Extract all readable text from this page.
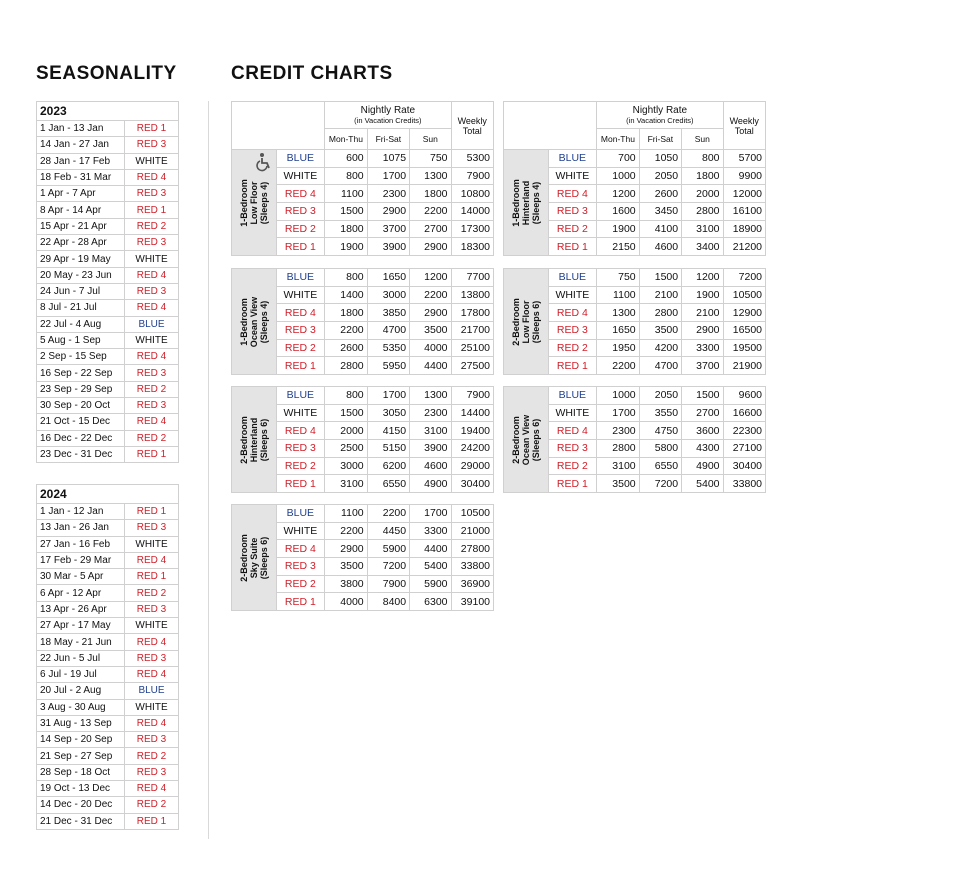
SEASONALITY	CREDIT CHARTS
2023	
1 Jan - 13 Jan	RED 1
14 Jan - 27 Jan	RED 3
28 Jan - 17 Feb	WHITE
18 Feb - 31 Mar	RED 4
1 Apr - 7 Apr	RED 3
8 Apr - 14 Apr	RED 1
15 Apr - 21 Apr	RED 2
22 Apr - 28 Apr	RED 3
29 Apr - 19 May	WHITE
20 May - 23 Jun	RED 4
24 Jun - 7 Jul	RED 3
8 Jul - 21 Jul	RED 4
22 Jul - 4 Aug	BLUE
5 Aug - 1 Sep	WHITE
2 Sep - 15 Sep	RED 4
16 Sep - 22 Sep	RED 3
23 Sep - 29 Sep	RED 2
30 Sep - 20 Oct	RED 3
21 Oct - 15 Dec	RED 4
16 Dec - 22 Dec	RED 2
23 Dec - 31 Dec	RED 1
2024	
1 Jan - 12 Jan	RED 1
13 Jan - 26 Jan	RED 3
27 Jan - 16 Feb	WHITE
17 Feb - 29 Mar	RED 4
30 Mar - 5 Apr	RED 1
6 Apr - 12 Apr	RED 2
13 Apr - 26 Apr	RED 3
27 Apr - 17 May	WHITE
18 May - 21 Jun	RED 4
22 Jun - 5 Jul	RED 3
6 Jul - 19 Jul	RED 4
20 Jul - 2 Aug	BLUE
3 Aug - 30 Aug	WHITE
31 Aug - 13 Sep	RED 4
14 Sep - 20 Sep	RED 3
21 Sep - 27 Sep	RED 2
28 Sep - 18 Oct	RED 3
19 Oct - 13 Dec	RED 4
14 Dec - 20 Dec	RED 2
21 Dec - 31 Dec	RED 1
		Nightly Rate
(in Vacation Credits)			Weekly Total
		Mon-Thu	Fri-Sat	Sun	

1-Bedroom
Low Floor
(Sleeps 4)	BLUE	600	1075	750	5300
	WHITE	800	1700	1300	7900
	RED 4	1100	2300	1800	10800
	RED 3	1500	2900	2200	14000
	RED 2	1800	3700	2700	17300
	RED 1	1900	3900	2900	18300
		Nightly Rate
(in Vacation Credits)			Weekly Total
		Mon-Thu	Fri-Sat	Sun	

1-Bedroom
Hinterland
(Sleeps 4)	BLUE	700	1050	800	5700
	WHITE	1000	2050	1800	9900
	RED 4	1200	2600	2000	12000
	RED 3	1600	3450	2800	16100
	RED 2	1900	4100	3100	18900
	RED 1	2150	4600	3400	21200
1-Bedroom
Ocean View
(Sleeps 4)	BLUE	800	1650	1200	7700
	WHITE	1400	3000	2200	13800
	RED 4	1800	3850	2900	17800
	RED 3	2200	4700	3500	21700
	RED 2	2600	5350	4000	25100
	RED 1	2800	5950	4400	27500
2-Bedroom
Low Floor
(Sleeps 6)	BLUE	750	1500	1200	7200
	WHITE	1100	2100	1900	10500
	RED 4	1300	2800	2100	12900
	RED 3	1650	3500	2900	16500
	RED 2	1950	4200	3300	19500
	RED 1	2200	4700	3700	21900
2-Bedroom
Hinterland
(Sleeps 6)	BLUE	800	1700	1300	7900
	WHITE	1500	3050	2300	14400
	RED 4	2000	4150	3100	19400
	RED 3	2500	5150	3900	24200
	RED 2	3000	6200	4600	29000
	RED 1	3100	6550	4900	30400
2-Bedroom
Ocean View
(Sleeps 6)	BLUE	1000	2050	1500	9600
	WHITE	1700	3550	2700	16600
	RED 4	2300	4750	3600	22300
	RED 3	2800	5800	4300	27100
	RED 2	3100	6550	4900	30400
	RED 1	3500	7200	5400	33800
2-Bedroom
Sky Suite
(Sleeps 6)	BLUE	1100	2200	1700	10500
	WHITE	2200	4450	3300	21000
	RED 4	2900	5900	4400	27800
	RED 3	3500	7200	5400	33800
	RED 2	3800	7900	5900	36900
	RED 1	4000	8400	6300	39100
